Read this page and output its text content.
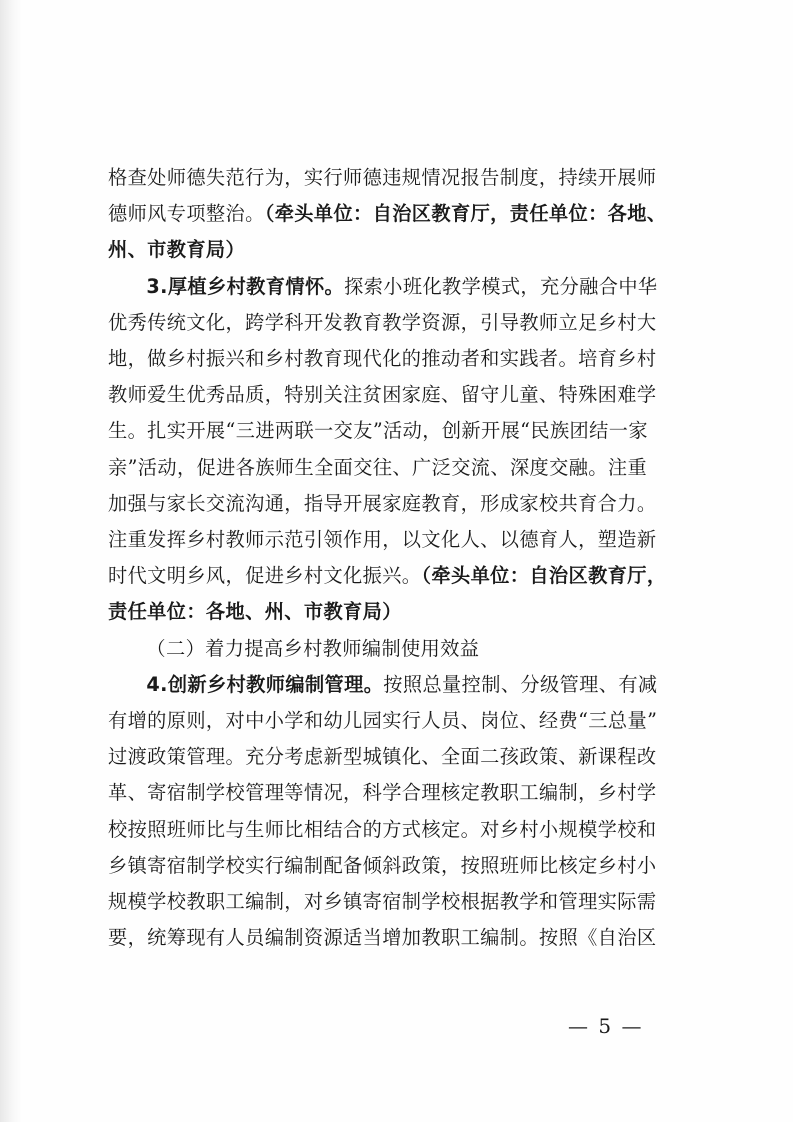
格查处师德失范行为，实行师德违规情况报告制度，持续开展师
德师风专项整治。（牵头单位：自治区教育厅，责任单位：各地、
州、市教育局）

3.厚植乡村教育情怀。探索小班化教学模式，充分融合中华
优秀传统文化，跨学科开发教育教学资源，引导教师立足乡村大
地，做乡村振兴和乡村教育现代化的推动者和实践者。培育乡村
教师爱生优秀品质，特别关注贫困家庭、留守儿童、特殊困难学
生。扎实开展“三进两联一交友”活动，创新开展“民族团结一家
亲”活动，促进各族师生全面交往、广泛交流、深度交融。注重
加强与家长交流沟通，指导开展家庭教育，形成家校共育合力。
注重发挥乡村教师示范引领作用，以文化人、以德育人，塑造新
时代文明乡风，促进乡村文化振兴。（牵头单位：自治区教育厅，
责任单位：各地、州、市教育局）

（二）着力提高乡村教师编制使用效益

4.创新乡村教师编制管理。按照总量控制、分级管理、有减
有增的原则，对中小学和幼儿园实行人员、岗位、经费“三总量”
过渡政策管理。充分考虑新型城镇化、全面二孩政策、新课程改
革、寄宿制学校管理等情况，科学合理核定教职工编制，乡村学
校按照班师比与生师比相结合的方式核定。对乡村小规模学校和
乡镇寄宿制学校实行编制配备倾斜政策，按照班师比核定乡村小
规模学校教职工编制，对乡镇寄宿制学校根据教学和管理实际需
要，统筹现有人员编制资源适当增加教职工编制。按照《自治区

— 5 —
